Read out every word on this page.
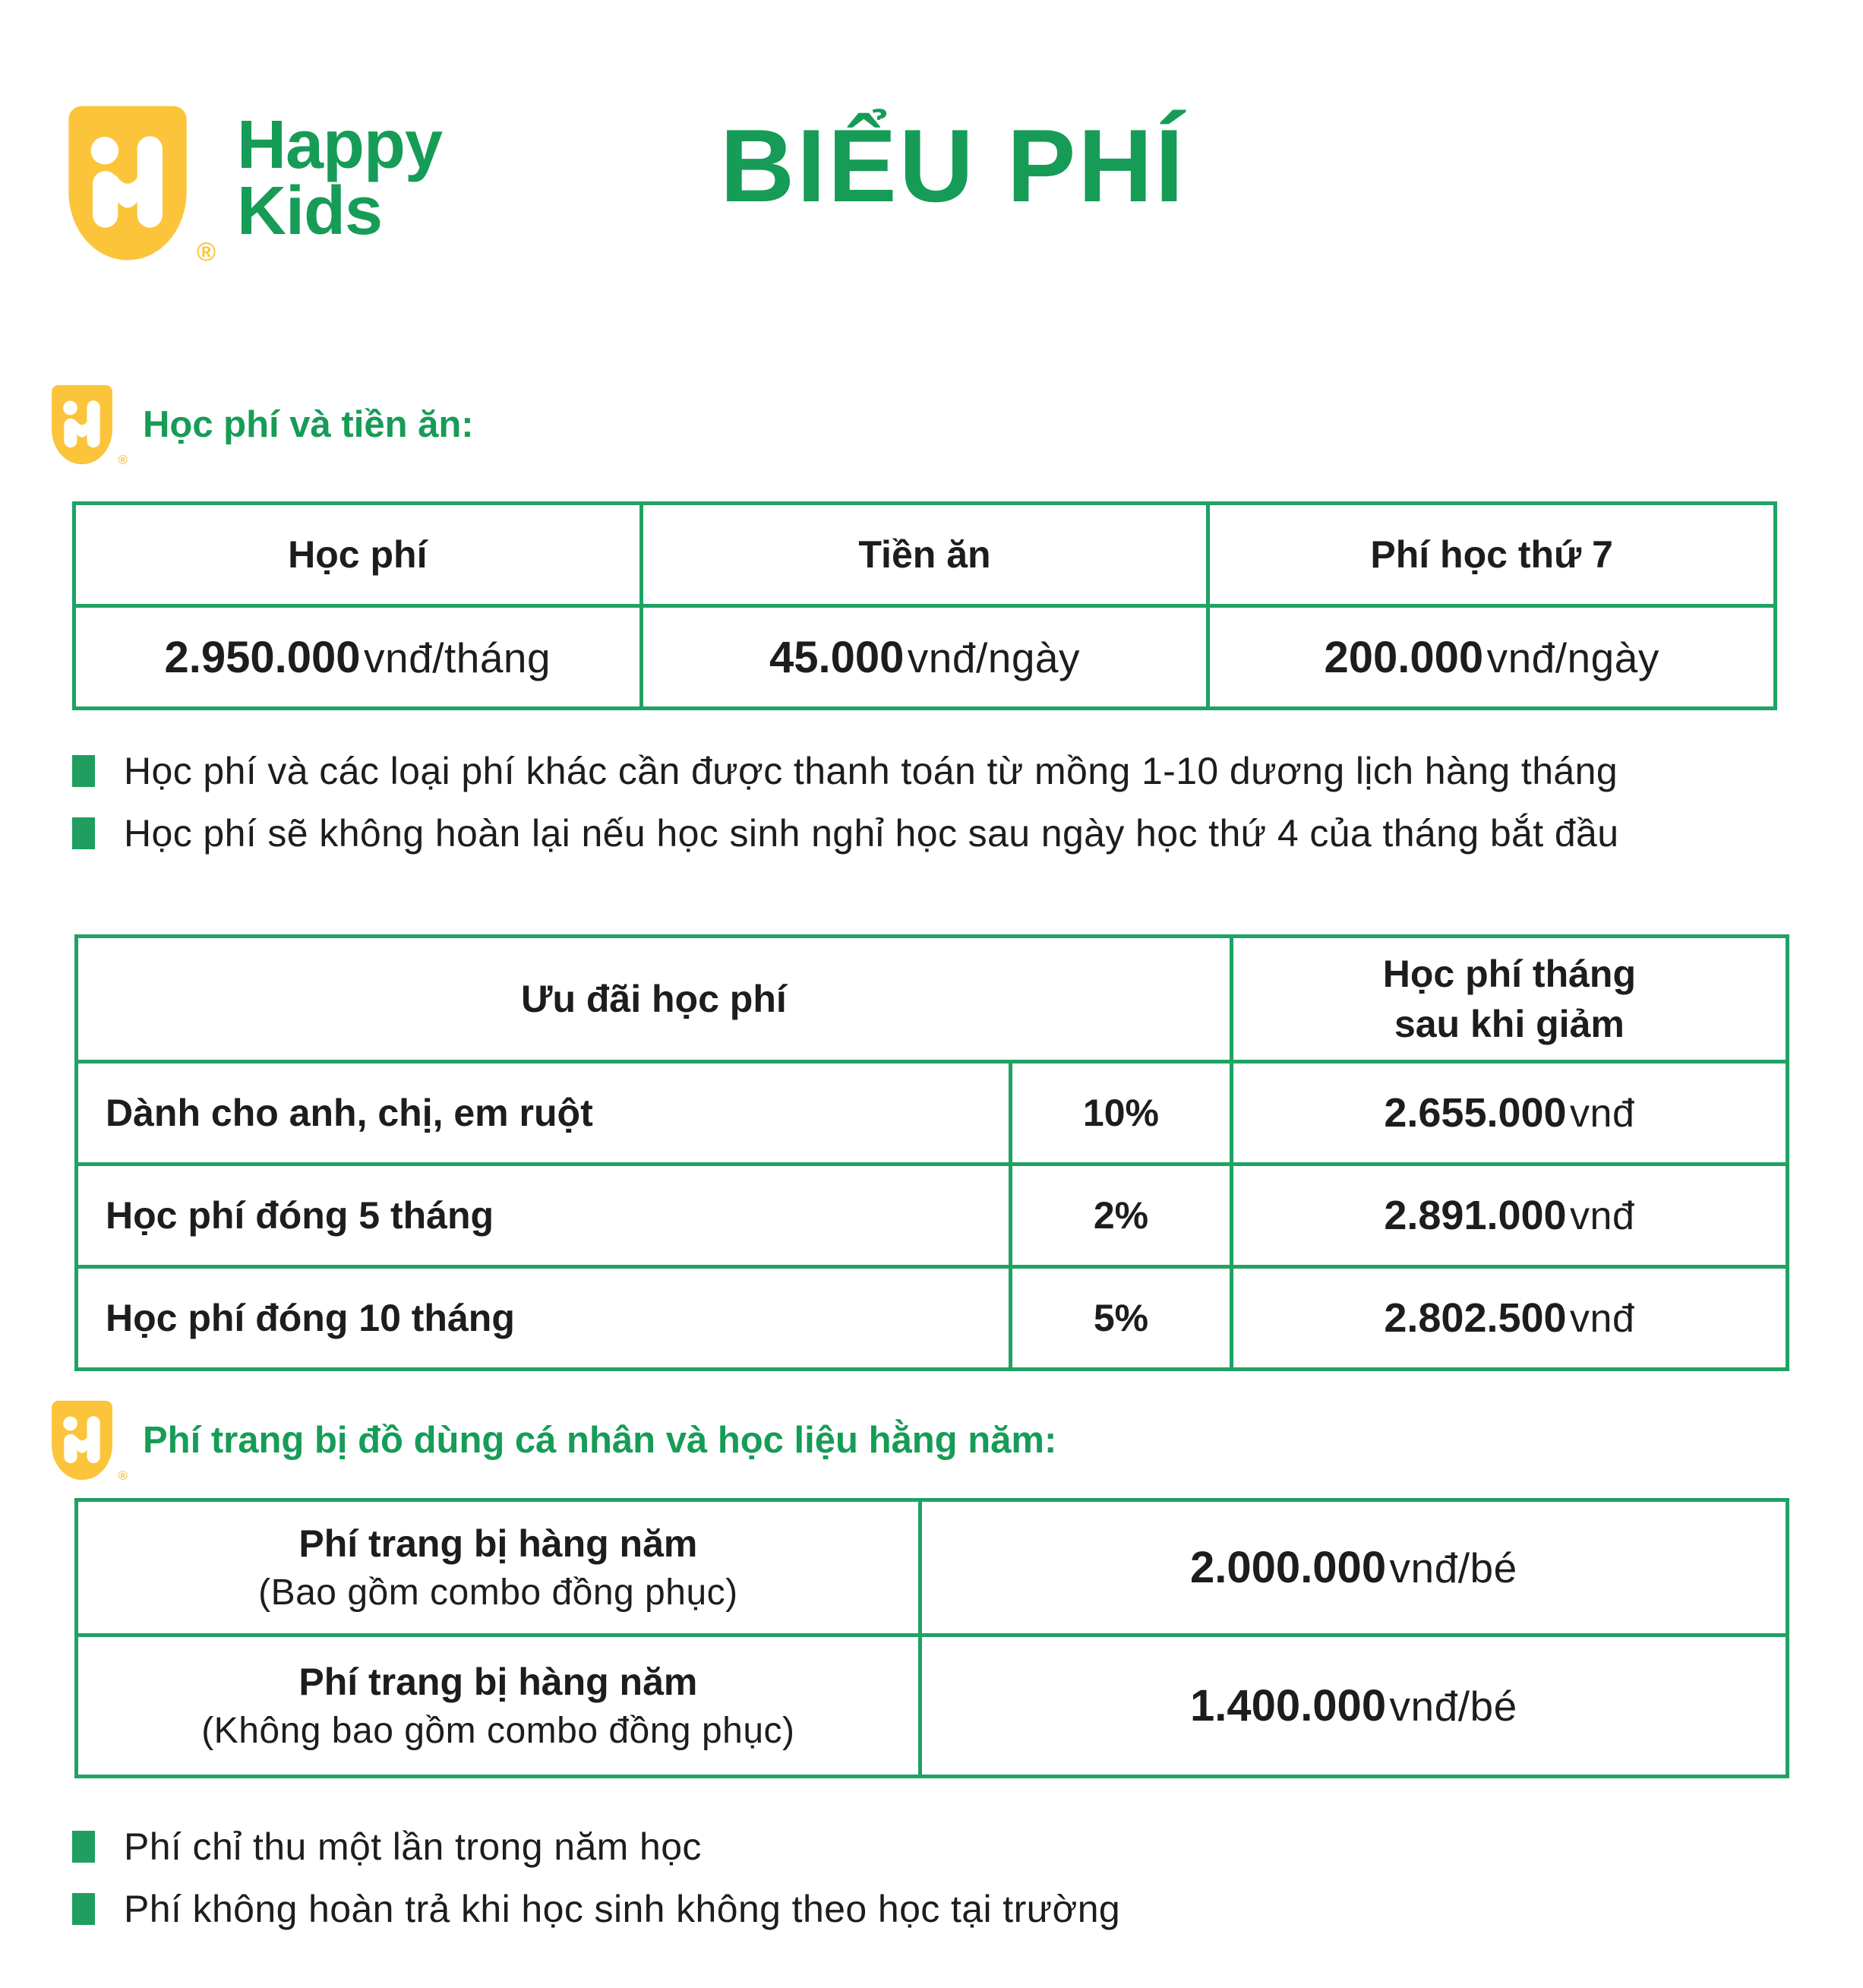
®
Happy
Kids	BIỂU PHÍ
®
Học phí và tiền ăn:
Học phí	Tiền ăn	Phí học thứ 7
2.950.000 vnđ/tháng	45.000 vnđ/ngày	200.000 vnđ/ngày
Học phí và các loại phí khác cần được thanh toán từ mồng 1-10 dương lịch hàng tháng
Học phí sẽ không hoàn lại nếu học sinh nghỉ học sau ngày học thứ 4 của tháng bắt đầu
Ưu đãi học phí		Học phí tháng
sau khi giảm

Dành cho anh, chị, em ruột	10%	2.655.000 vnđ
Học phí đóng 5 tháng	2%	2.891.000 vnđ
Học phí đóng 10 tháng	5%	2.802.500 vnđ
®
Phí trang bị đồ dùng cá nhân và học liệu hằng năm:
Phí trang bị hàng năm
(Bao gồm combo đồng phục)	2.000.000 vnđ/bé

Phí trang bị hàng năm
(Không bao gồm combo đồng phục)	1.400.000 vnđ/bé
Phí chỉ thu một lần trong năm học
Phí không hoàn trả khi học sinh không theo học tại trường
